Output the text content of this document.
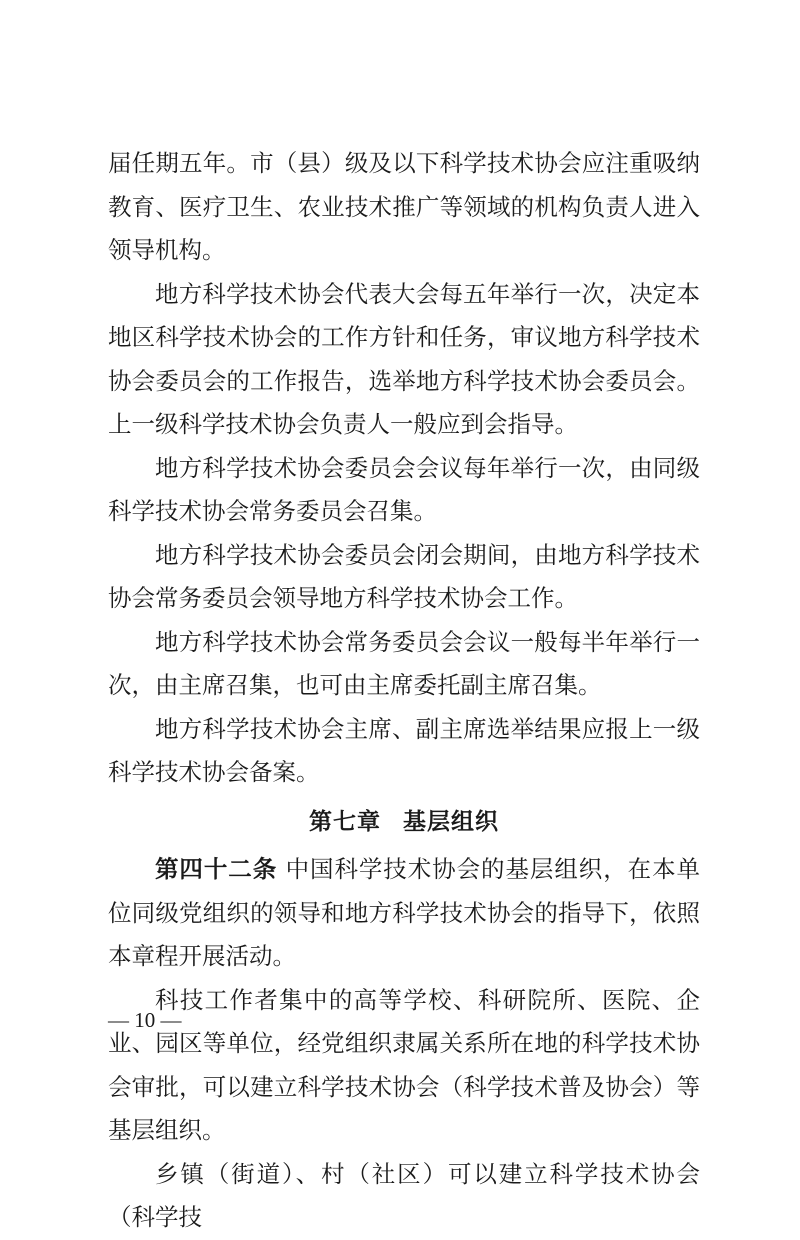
届任期五年。市（县）级及以下科学技术协会应注重吸纳教育、医疗卫生、农业技术推广等领域的机构负责人进入领导机构。

地方科学技术协会代表大会每五年举行一次，决定本地区科学技术协会的工作方针和任务，审议地方科学技术协会委员会的工作报告，选举地方科学技术协会委员会。上一级科学技术协会负责人一般应到会指导。

地方科学技术协会委员会会议每年举行一次，由同级科学技术协会常务委员会召集。

地方科学技术协会委员会闭会期间，由地方科学技术协会常务委员会领导地方科学技术协会工作。

地方科学技术协会常务委员会会议一般每半年举行一次，由主席召集，也可由主席委托副主席召集。

地方科学技术协会主席、副主席选举结果应报上一级科学技术协会备案。

第七章 基层组织

第四十二条 中国科学技术协会的基层组织，在本单位同级党组织的领导和地方科学技术协会的指导下，依照本章程开展活动。

科技工作者集中的高等学校、科研院所、医院、企业、园区等单位，经党组织隶属关系所在地的科学技术协会审批，可以建立科学技术协会（科学技术普及协会）等基层组织。

乡镇（街道）、村（社区）可以建立科学技术协会（科学技

— 10 —
